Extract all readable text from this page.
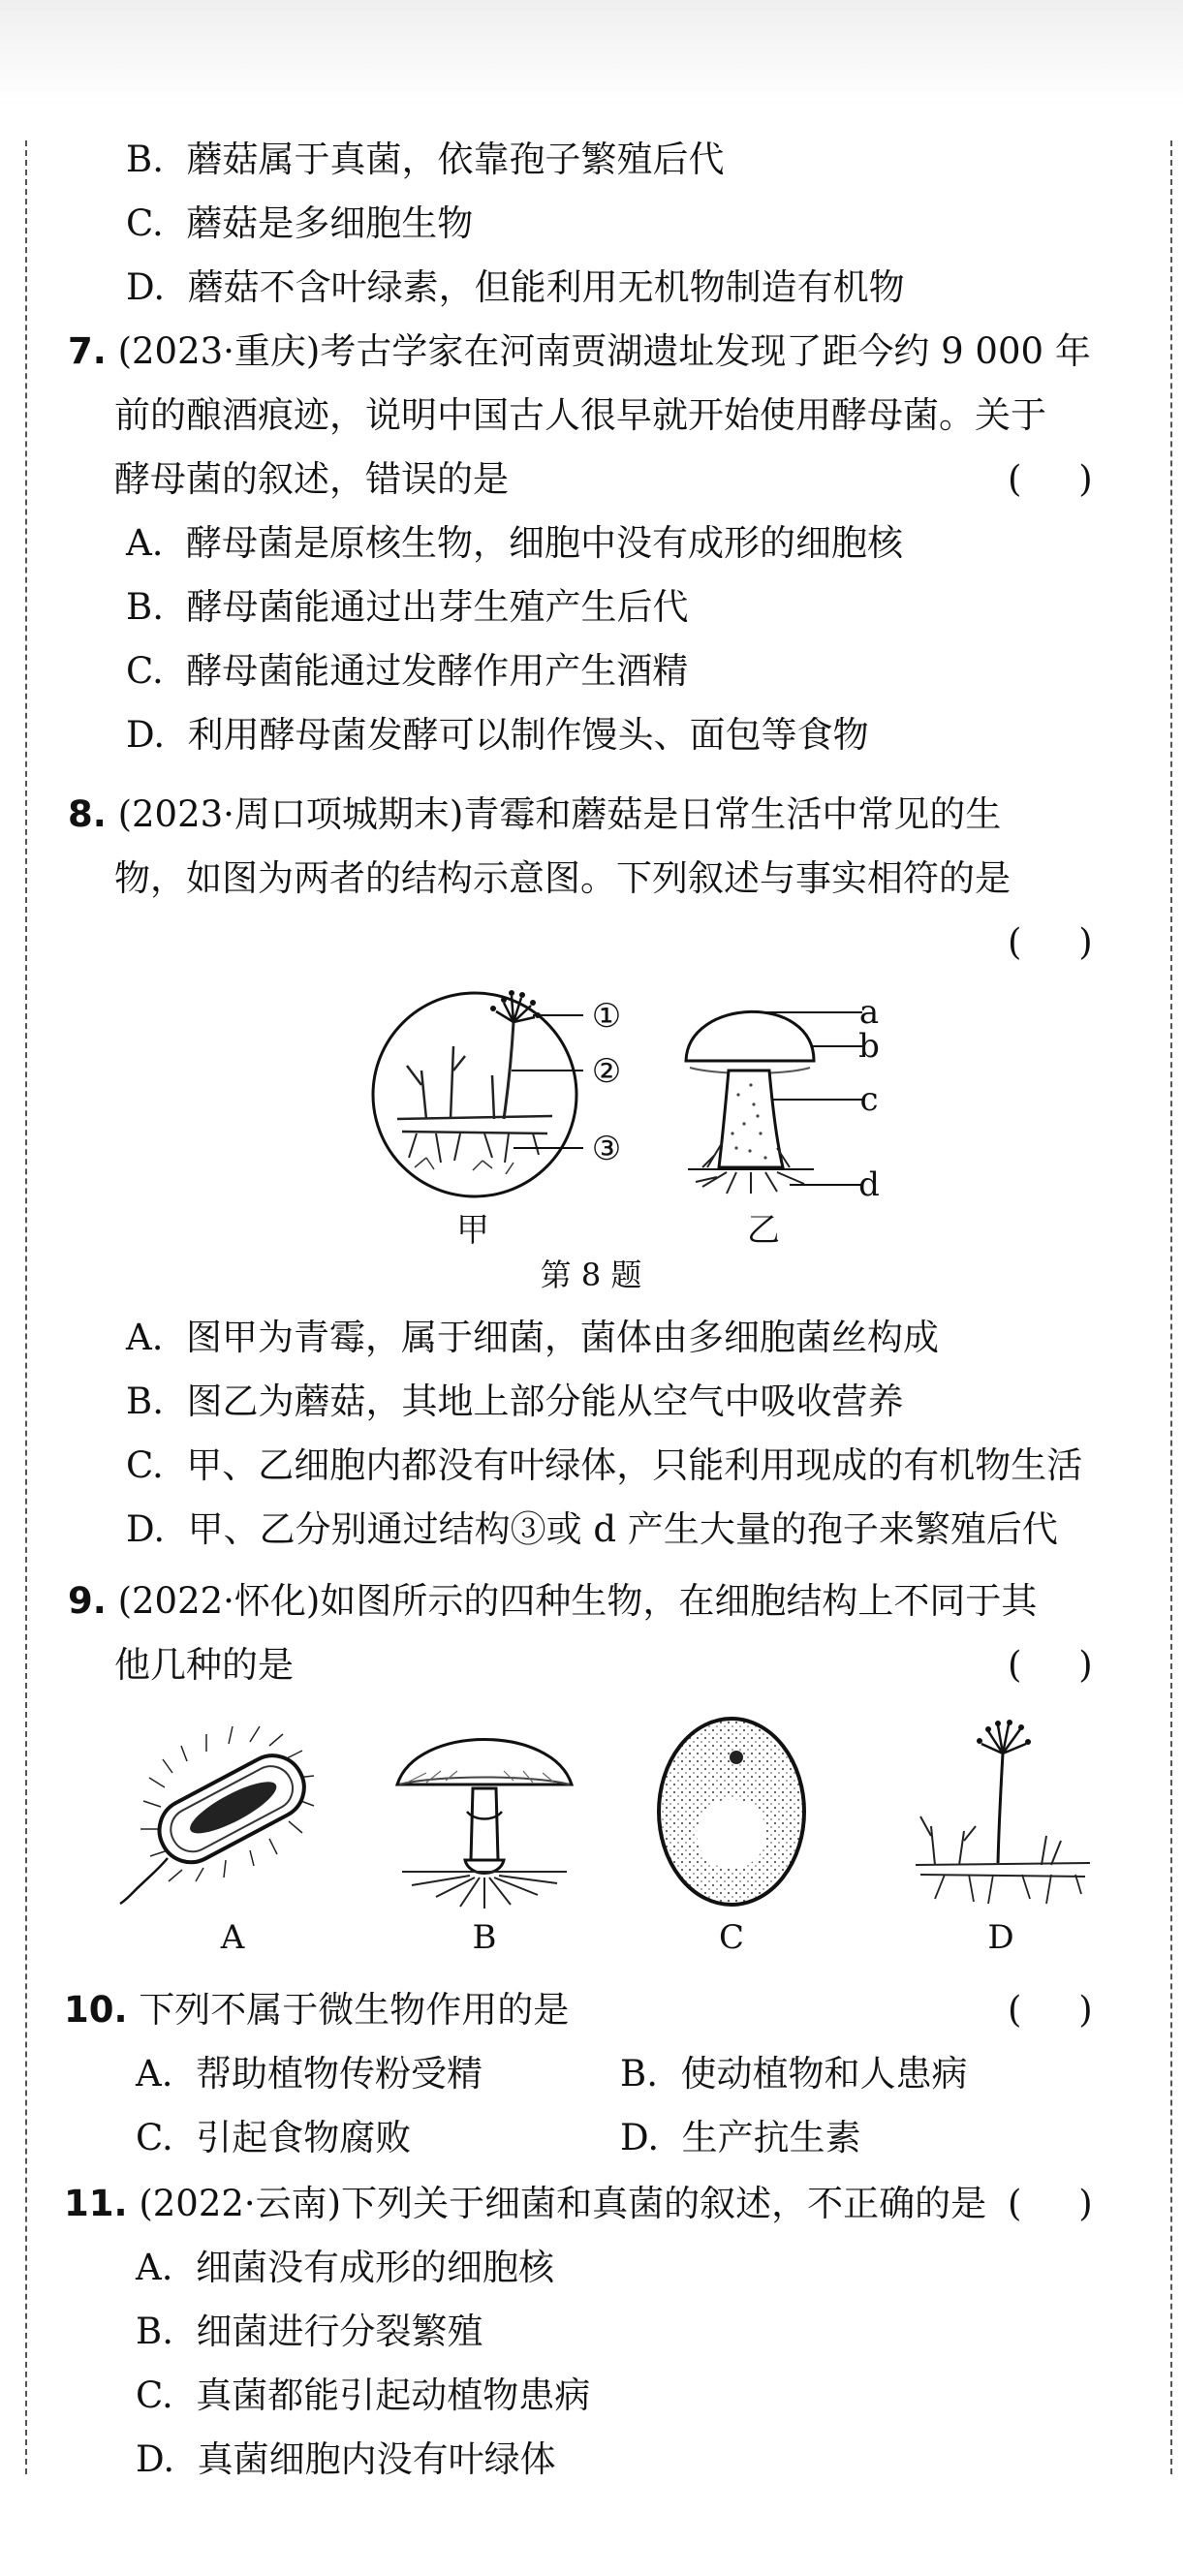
B. 蘑菇属于真菌，依靠孢子繁殖后代
C. 蘑菇是多细胞生物
D. 蘑菇不含叶绿素，但能利用无机物制造有机物
7. (2023·重庆)考古学家在河南贾湖遗址发现了距今约 9 000 年
前的酿酒痕迹，说明中国古人很早就开始使用酵母菌。关于
酵母菌的叙述，错误的是	(     )
A. 酵母菌是原核生物，细胞中没有成形的细胞核
B. 酵母菌能通过出芽生殖产生后代
C. 酵母菌能通过发酵作用产生酒精
D. 利用酵母菌发酵可以制作馒头、面包等食物
8. (2023·周口项城期末)青霉和蘑菇是日常生活中常见的生
物，如图为两者的结构示意图。下列叙述与事实相符的是
(     )
①
②
③
甲
a
b
c
d
乙
第 8 题
A. 图甲为青霉，属于细菌，菌体由多细胞菌丝构成
B. 图乙为蘑菇，其地上部分能从空气中吸收营养
C. 甲、乙细胞内都没有叶绿体，只能利用现成的有机物生活
D. 甲、乙分别通过结构③或 d 产生大量的孢子来繁殖后代
9. (2022·怀化)如图所示的四种生物，在细胞结构上不同于其
他几种的是	(     )
A	B	C	D
10. 下列不属于微生物作用的是	(     )
A. 帮助植物传粉受精	B. 使动植物和人患病
C. 引起食物腐败	D. 生产抗生素
11. (2022·云南)下列关于细菌和真菌的叙述，不正确的是 (     )
A. 细菌没有成形的细胞核
B. 细菌进行分裂繁殖
C. 真菌都能引起动植物患病
D. 真菌细胞内没有叶绿体
